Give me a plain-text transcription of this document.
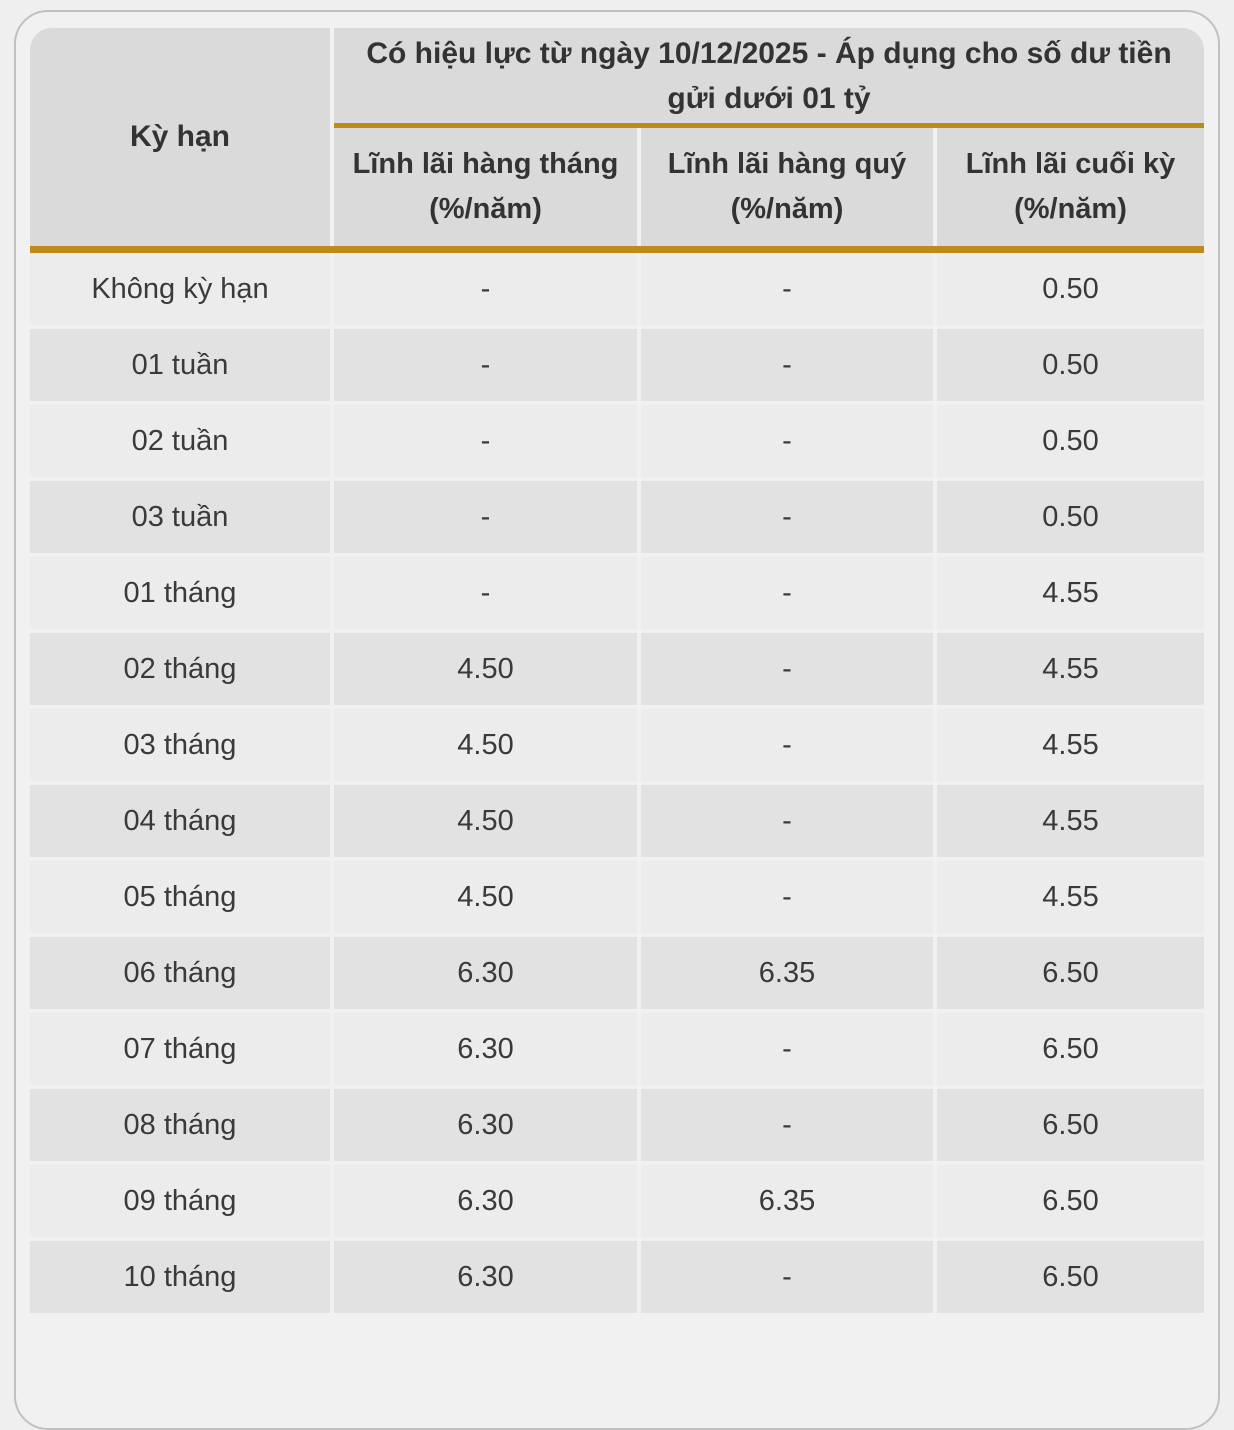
Kỳ hạn
Có hiệu lực từ ngày 10/12/2025 - Áp dụng cho số dư tiền gửi dưới 01 tỷ
Lĩnh lãi hàng tháng
(%/năm)
Lĩnh lãi hàng quý
(%/năm)
Lĩnh lãi cuối kỳ
(%/năm)
Không kỳ hạn	-	-	0.50
01 tuần	-	-	0.50
02 tuần	-	-	0.50
03 tuần	-	-	0.50
01 tháng	-	-	4.55
02 tháng	4.50	-	4.55
03 tháng	4.50	-	4.55
04 tháng	4.50	-	4.55
05 tháng	4.50	-	4.55
06 tháng	6.30	6.35	6.50
07 tháng	6.30	-	6.50
08 tháng	6.30	-	6.50
09 tháng	6.30	6.35	6.50
10 tháng	6.30	-	6.50
